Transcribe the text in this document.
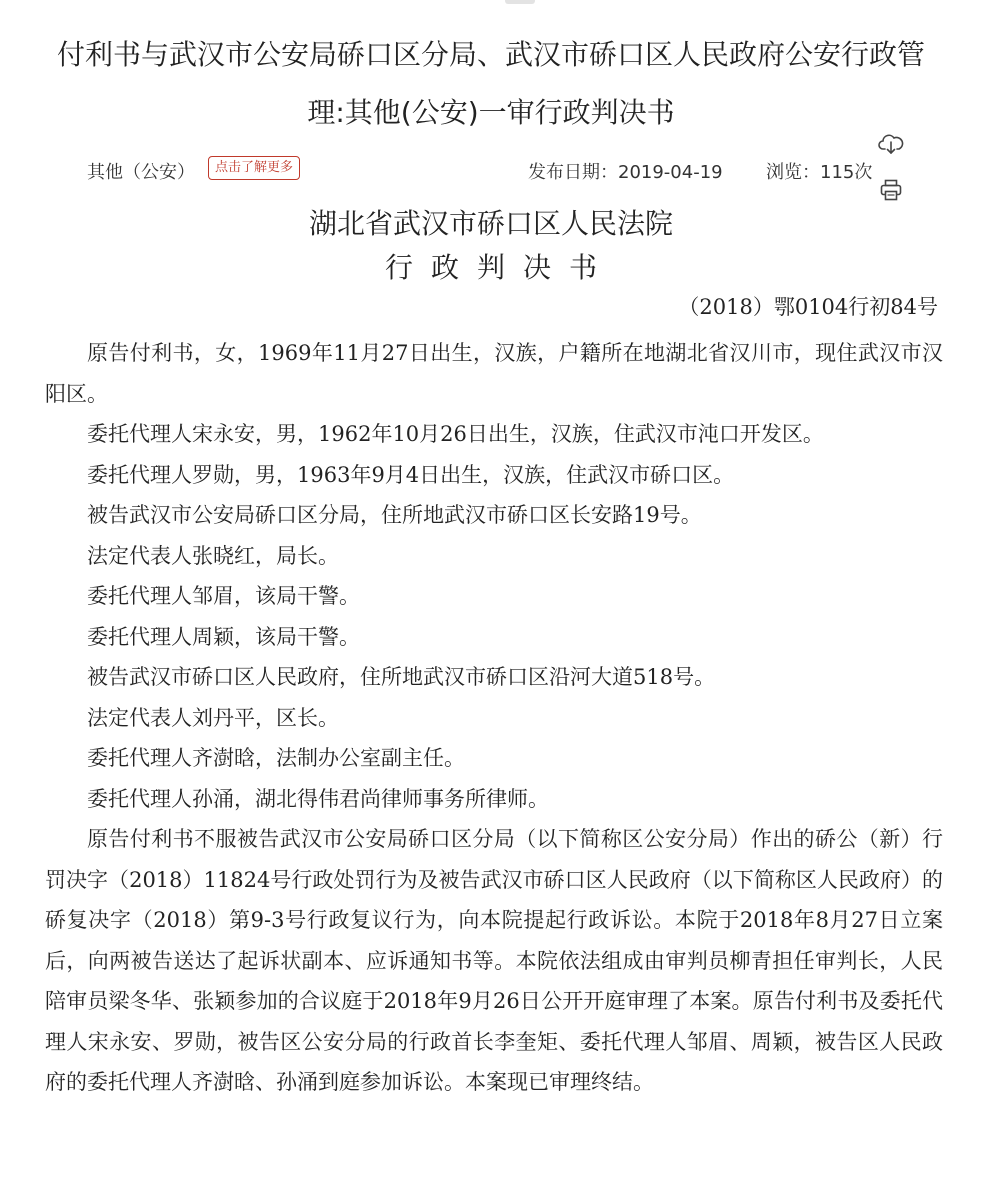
付利书与武汉市公安局硚口区分局、武汉市硚口区人民政府公安行政管理:其他(公安)一审行政判决书
其他（公安）	点击了解更多	发布日期：2019-04-19 浏览：115次
湖北省武汉市硚口区人民法院
行政判决书
（2018）鄂0104行初84号

原告付利书，女，1969年11月27日出生，汉族，户籍所在地湖北省汉川市，现住武汉市汉阳区。

委托代理人宋永安，男，1962年10月26日出生，汉族，住武汉市沌口开发区。

委托代理人罗勋，男，1963年9月4日出生，汉族，住武汉市硚口区。

被告武汉市公安局硚口区分局，住所地武汉市硚口区长安路19号。

法定代表人张晓红，局长。

委托代理人邹眉，该局干警。

委托代理人周颖，该局干警。

被告武汉市硚口区人民政府，住所地武汉市硚口区沿河大道518号。

法定代表人刘丹平，区长。

委托代理人齐澍晗，法制办公室副主任。

委托代理人孙涌，湖北得伟君尚律师事务所律师。

原告付利书不服被告武汉市公安局硚口区分局（以下简称区公安分局）作出的硚公（新）行罚决字（2018）11824号行政处罚行为及被告武汉市硚口区人民政府（以下简称区人民政府）的硚复决字（2018）第9-3号行政复议行为，向本院提起行政诉讼。本院于2018年8月27日立案后，向两被告送达了起诉状副本、应诉通知书等。本院依法组成由审判员柳青担任审判长，人民陪审员梁冬华、张颖参加的合议庭于2018年9月26日公开开庭审理了本案。原告付利书及委托代理人宋永安、罗勋，被告区公安分局的行政首长李奎矩、委托代理人邹眉、周颖，被告区人民政府的委托代理人齐澍晗、孙涌到庭参加诉讼。本案现已审理终结。
